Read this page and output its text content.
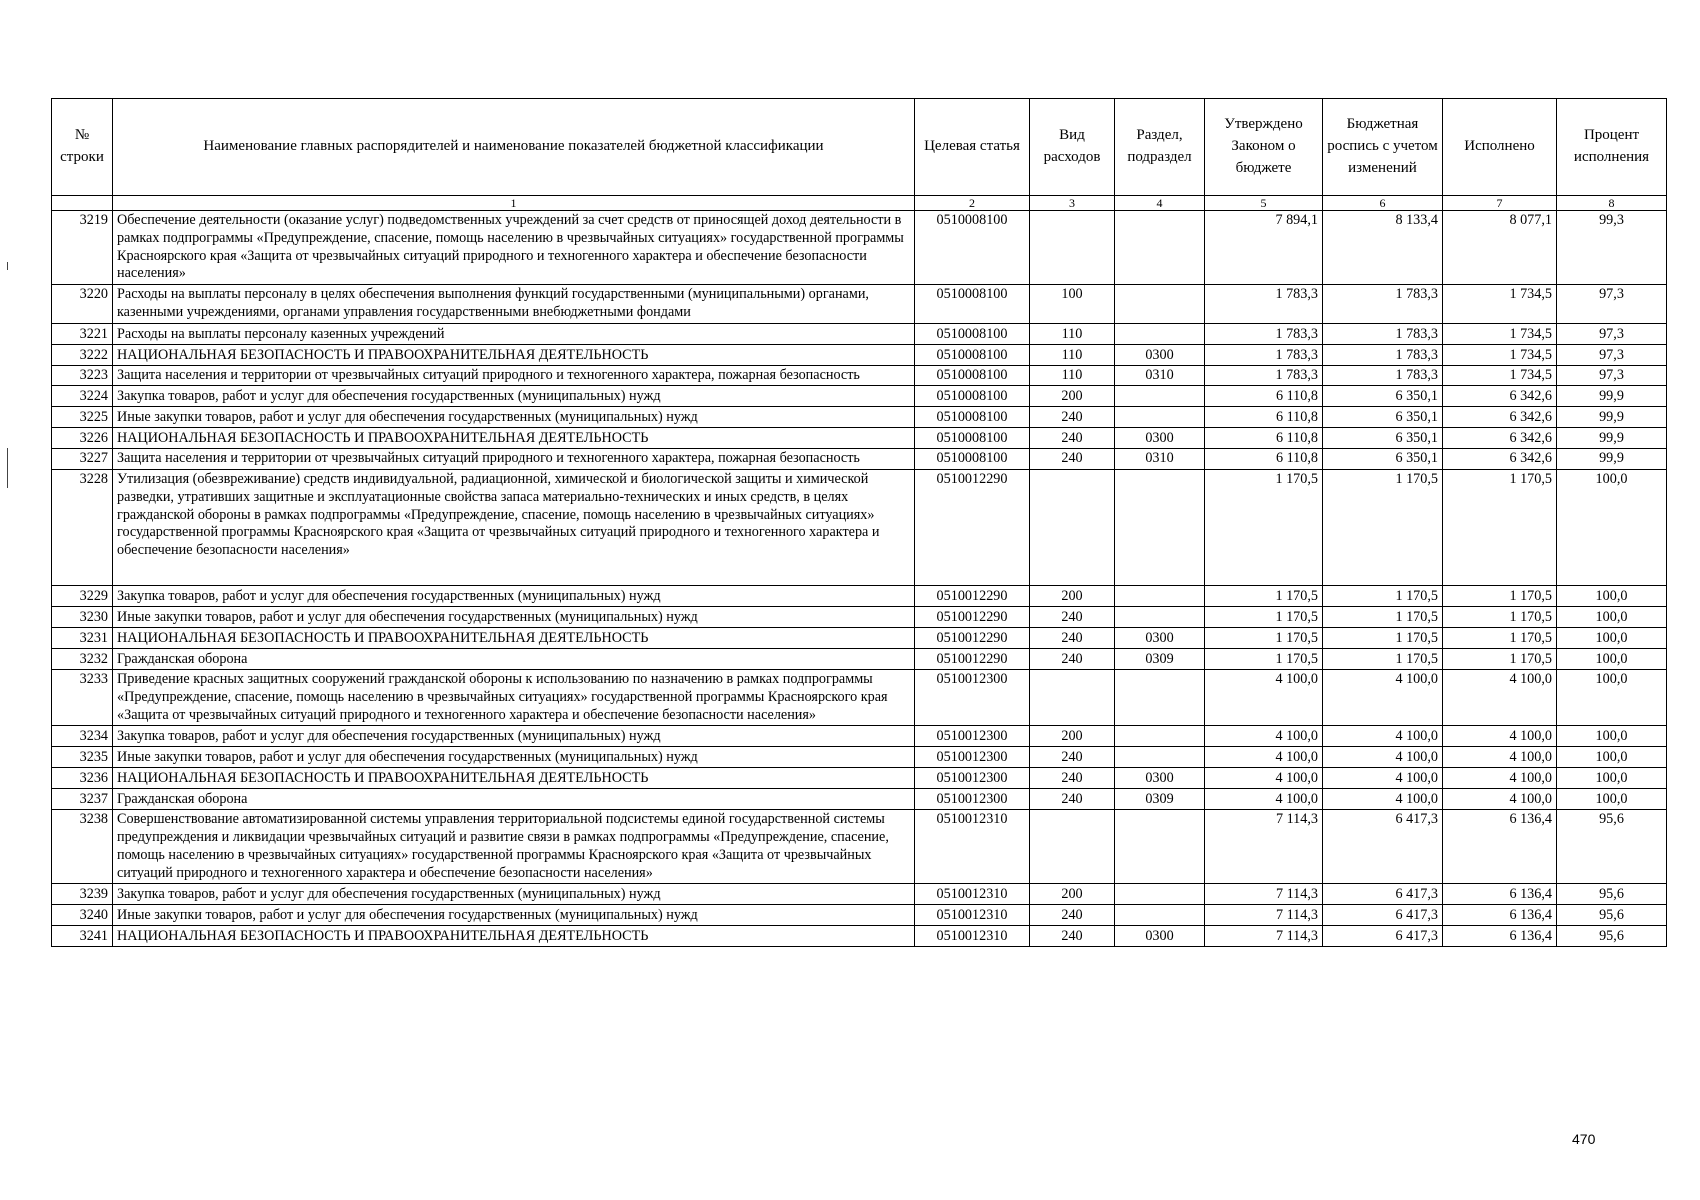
№ строки	Наименование главных распорядителей и наименование показателей бюджетной классификации	Целевая статья	Вид расходов	Раздел, подраздел	Утверждено Законом о бюджете	Бюджетная роспись с учетом изменений	Исполнено	Процент исполнения
	1	2	3	4	5	6	7	8
3219	Обеспечение деятельности (оказание услуг) подведомственных учреждений за счет средств от приносящей доход деятельности в рамках подпрограммы «Предупреждение, спасение, помощь населению в чрезвычайных ситуациях» государственной программы Красноярского края «Защита от чрезвычайных ситуаций природного и техногенного характера и обеспечение безопасности населения»	0510008100			7 894,1	8 133,4	8 077,1	99,3
3220	Расходы на выплаты персоналу в целях обеспечения выполнения функций государственными (муниципальными) органами, казенными учреждениями, органами управления государственными внебюджетными фондами	0510008100	100		1 783,3	1 783,3	1 734,5	97,3
3221	Расходы на выплаты персоналу казенных учреждений	0510008100	110		1 783,3	1 783,3	1 734,5	97,3
3222	НАЦИОНАЛЬНАЯ БЕЗОПАСНОСТЬ И ПРАВООХРАНИТЕЛЬНАЯ ДЕЯТЕЛЬНОСТЬ	0510008100	110	0300	1 783,3	1 783,3	1 734,5	97,3
3223	Защита населения и территории от чрезвычайных ситуаций природного и техногенного характера, пожарная безопасность	0510008100	110	0310	1 783,3	1 783,3	1 734,5	97,3
3224	Закупка товаров, работ и услуг для обеспечения государственных (муниципальных) нужд	0510008100	200		6 110,8	6 350,1	6 342,6	99,9
3225	Иные закупки товаров, работ и услуг для обеспечения государственных (муниципальных) нужд	0510008100	240		6 110,8	6 350,1	6 342,6	99,9
3226	НАЦИОНАЛЬНАЯ БЕЗОПАСНОСТЬ И ПРАВООХРАНИТЕЛЬНАЯ ДЕЯТЕЛЬНОСТЬ	0510008100	240	0300	6 110,8	6 350,1	6 342,6	99,9
3227	Защита населения и территории от чрезвычайных ситуаций природного и техногенного характера, пожарная безопасность	0510008100	240	0310	6 110,8	6 350,1	6 342,6	99,9
3228	Утилизация (обезвреживание) средств индивидуальной, радиационной, химической и биологической защиты и химической разведки, утративших защитные и эксплуатационные свойства запаса материально-технических и иных средств, в целях гражданской обороны в рамках подпрограммы «Предупреждение, спасение, помощь населению в чрезвычайных ситуациях» государственной программы Красноярского края «Защита от чрезвычайных ситуаций природного и техногенного характера и обеспечение безопасности населения»	0510012290			1 170,5	1 170,5	1 170,5	100,0
3229	Закупка товаров, работ и услуг для обеспечения государственных (муниципальных) нужд	0510012290	200		1 170,5	1 170,5	1 170,5	100,0
3230	Иные закупки товаров, работ и услуг для обеспечения государственных (муниципальных) нужд	0510012290	240		1 170,5	1 170,5	1 170,5	100,0
3231	НАЦИОНАЛЬНАЯ БЕЗОПАСНОСТЬ И ПРАВООХРАНИТЕЛЬНАЯ ДЕЯТЕЛЬНОСТЬ	0510012290	240	0300	1 170,5	1 170,5	1 170,5	100,0
3232	Гражданская оборона	0510012290	240	0309	1 170,5	1 170,5	1 170,5	100,0
3233	Приведение красных защитных сооружений гражданской обороны к использованию по назначению в рамках подпрограммы «Предупреждение, спасение, помощь населению в чрезвычайных ситуациях» государственной программы Красноярского края «Защита от чрезвычайных ситуаций природного и техногенного характера и обеспечение безопасности населения»	0510012300			4 100,0	4 100,0	4 100,0	100,0
3234	Закупка товаров, работ и услуг для обеспечения государственных (муниципальных) нужд	0510012300	200		4 100,0	4 100,0	4 100,0	100,0
3235	Иные закупки товаров, работ и услуг для обеспечения государственных (муниципальных) нужд	0510012300	240		4 100,0	4 100,0	4 100,0	100,0
3236	НАЦИОНАЛЬНАЯ БЕЗОПАСНОСТЬ И ПРАВООХРАНИТЕЛЬНАЯ ДЕЯТЕЛЬНОСТЬ	0510012300	240	0300	4 100,0	4 100,0	4 100,0	100,0
3237	Гражданская оборона	0510012300	240	0309	4 100,0	4 100,0	4 100,0	100,0
3238	Совершенствование автоматизированной системы управления территориальной подсистемы единой государственной системы предупреждения и ликвидации чрезвычайных ситуаций и развитие связи в рамках подпрограммы «Предупреждение, спасение, помощь населению в чрезвычайных ситуациях» государственной программы Красноярского края «Защита от чрезвычайных ситуаций природного и техногенного характера и обеспечение безопасности населения»	0510012310			7 114,3	6 417,3	6 136,4	95,6
3239	Закупка товаров, работ и услуг для обеспечения государственных (муниципальных) нужд	0510012310	200		7 114,3	6 417,3	6 136,4	95,6
3240	Иные закупки товаров, работ и услуг для обеспечения государственных (муниципальных) нужд	0510012310	240		7 114,3	6 417,3	6 136,4	95,6
3241	НАЦИОНАЛЬНАЯ БЕЗОПАСНОСТЬ И ПРАВООХРАНИТЕЛЬНАЯ ДЕЯТЕЛЬНОСТЬ	0510012310	240	0300	7 114,3	6 417,3	6 136,4	95,6
470
